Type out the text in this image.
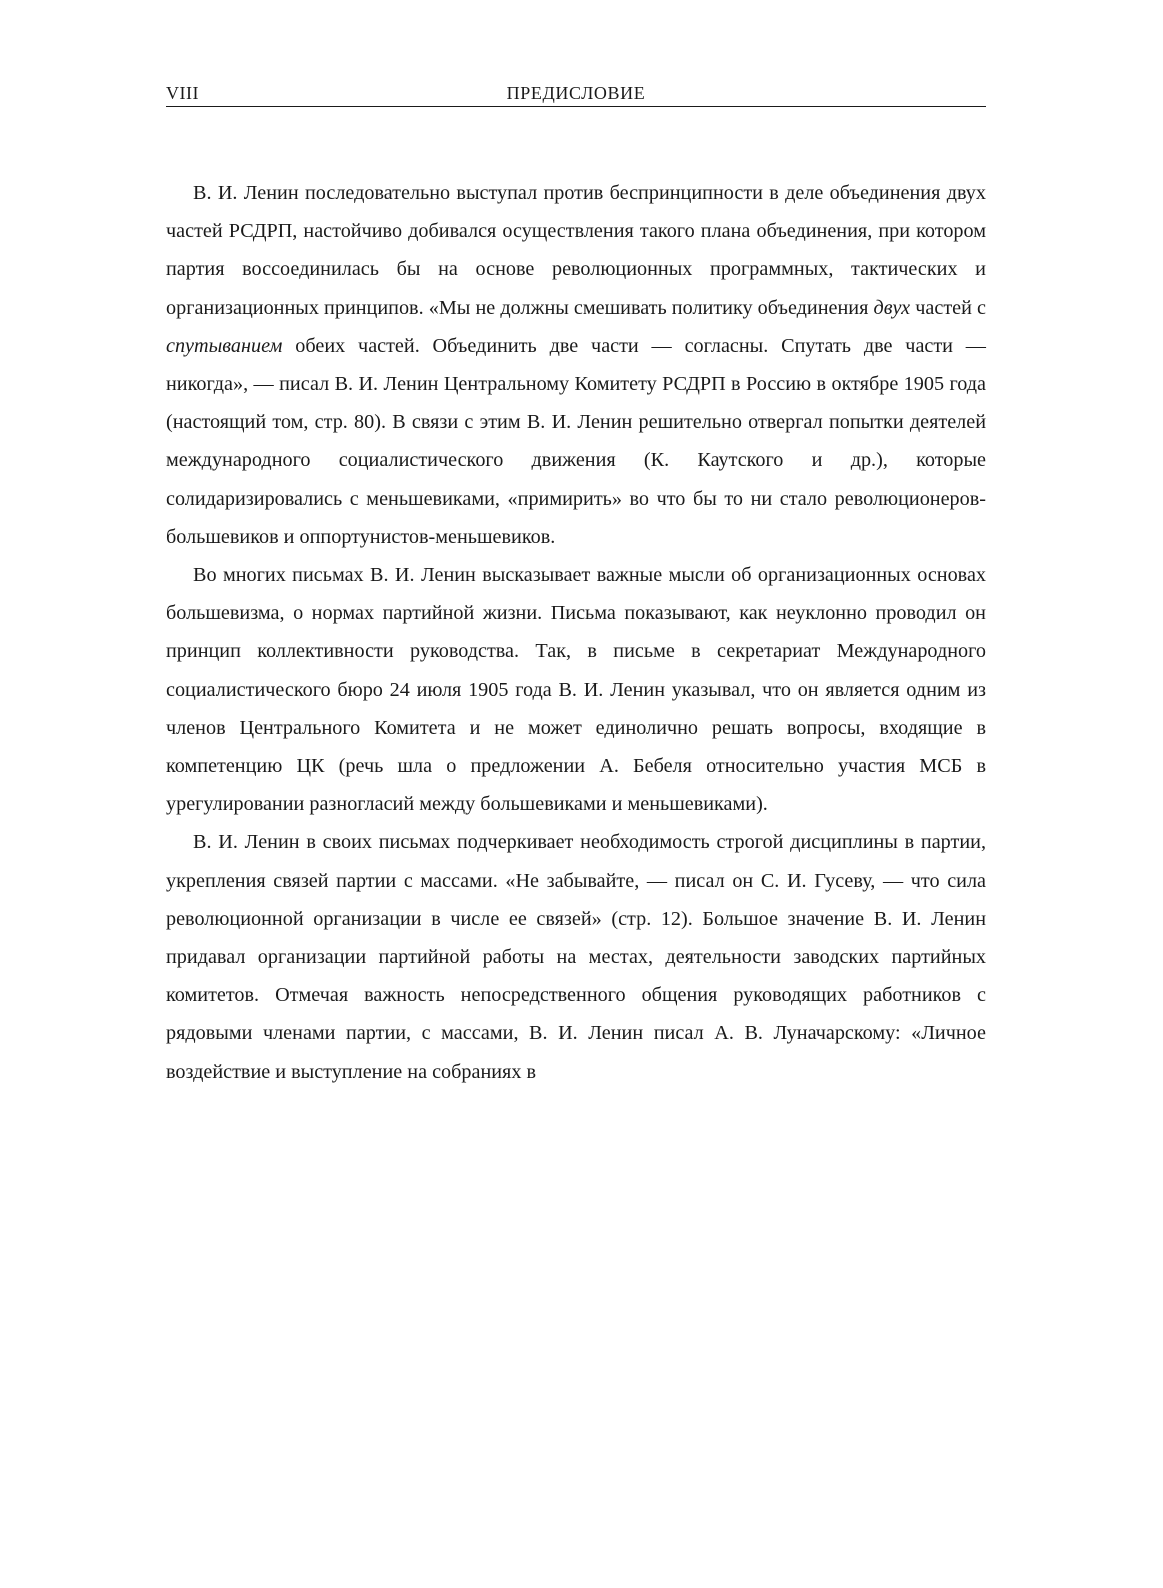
VIII	ПРЕДИСЛОВИЕ

В. И. Ленин последовательно выступал против беспринципности в деле объединения двух частей РСДРП, настойчиво добивался осуществления такого плана объединения, при котором партия воссоединилась бы на основе революционных программных, тактических и организационных принципов. «Мы не должны смешивать политику объединения двух частей с спутыванием обеих частей. Объединить две части — согласны. Спутать две части — никогда», — писал В. И. Ленин Центральному Комитету РСДРП в Россию в октябре 1905 года (настоящий том, стр. 80). В связи с этим В. И. Ленин решительно отвергал попытки деятелей международного социалистического движения (К. Каутского и др.), которые солидаризировались с меньшевиками, «примирить» во что бы то ни стало революционеров-большевиков и оппортунистов-меньшевиков.

Во многих письмах В. И. Ленин высказывает важные мысли об организационных основах большевизма, о нормах партийной жизни. Письма показывают, как неуклонно проводил он принцип коллективности руководства. Так, в письме в секретариат Международного социалистического бюро 24 июля 1905 года В. И. Ленин указывал, что он является одним из членов Центрального Комитета и не может единолично решать вопросы, входящие в компетенцию ЦК (речь шла о предложении А. Бебеля относительно участия МСБ в урегулировании разногласий между большевиками и меньшевиками).

В. И. Ленин в своих письмах подчеркивает необходимость строгой дисциплины в партии, укрепления связей партии с массами. «Не забывайте, — писал он С. И. Гусеву, — что сила революционной организации в числе ее связей» (стр. 12). Большое значение В. И. Ленин придавал организации партийной работы на местах, деятельности заводских партийных комитетов. Отмечая важность непосредственного общения руководящих работников с рядовыми членами партии, с массами, В. И. Ленин писал А. В. Луначарскому: «Личное воздействие и выступление на собраниях в
